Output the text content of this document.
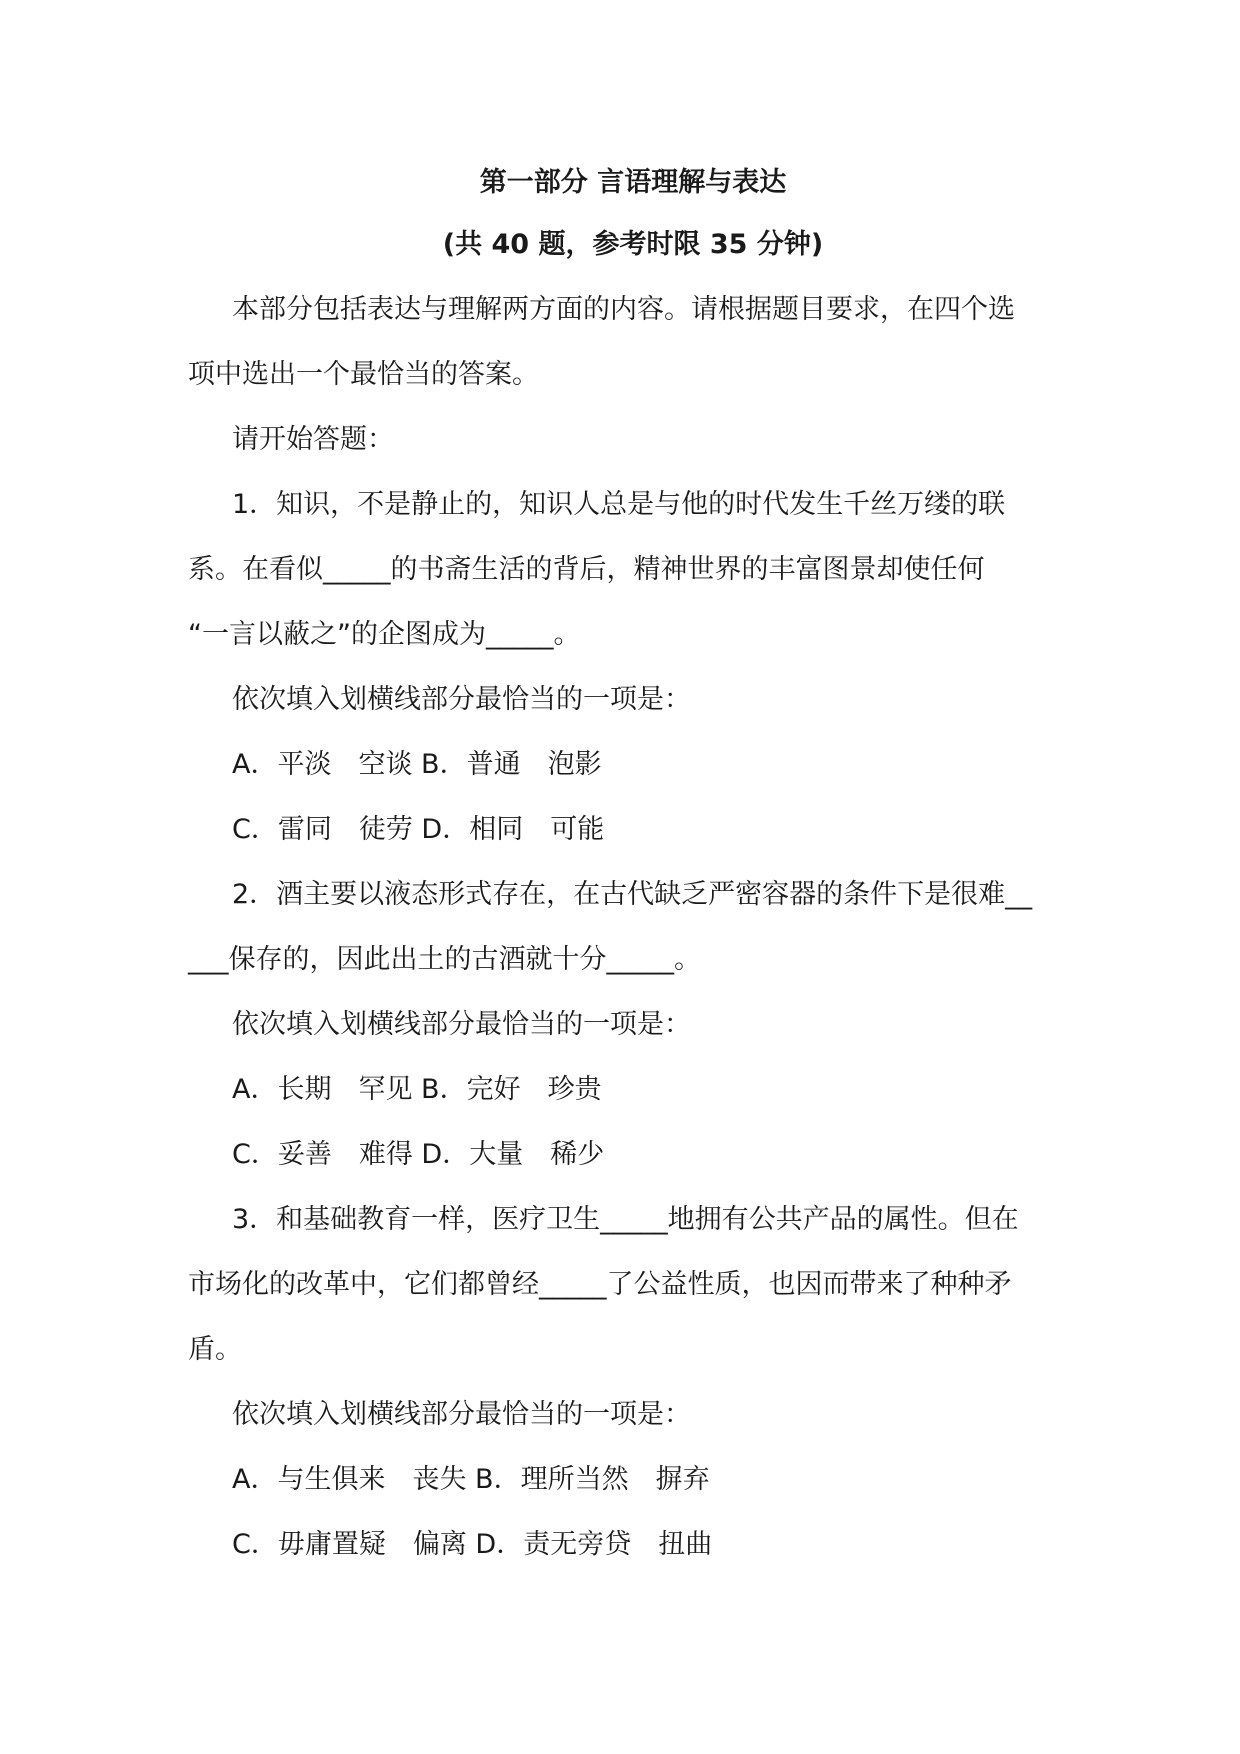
第一部分 言语理解与表达
(共 40 题，参考时限 35 分钟)

本部分包括表达与理解两方面的内容。请根据题目要求，在四个选

项中选出一个最恰当的答案。

请开始答题：

1．知识，不是静止的，知识人总是与他的时代发生千丝万缕的联

系。在看似_____的书斋生活的背后，精神世界的丰富图景却使任何

“一言以蔽之”的企图成为_____。

依次填入划横线部分最恰当的一项是：

A．平淡　空谈 B．普通　泡影

C．雷同　徒劳 D．相同　可能

2．酒主要以液态形式存在，在古代缺乏严密容器的条件下是很难__

___保存的，因此出土的古酒就十分_____。

依次填入划横线部分最恰当的一项是：

A．长期　罕见 B．完好　珍贵

C．妥善　难得 D．大量　稀少

3．和基础教育一样，医疗卫生_____地拥有公共产品的属性。但在

市场化的改革中，它们都曾经_____了公益性质，也因而带来了种种矛

盾。

依次填入划横线部分最恰当的一项是：

A．与生俱来　丧失 B．理所当然　摒弃

C．毋庸置疑　偏离 D．责无旁贷　扭曲
